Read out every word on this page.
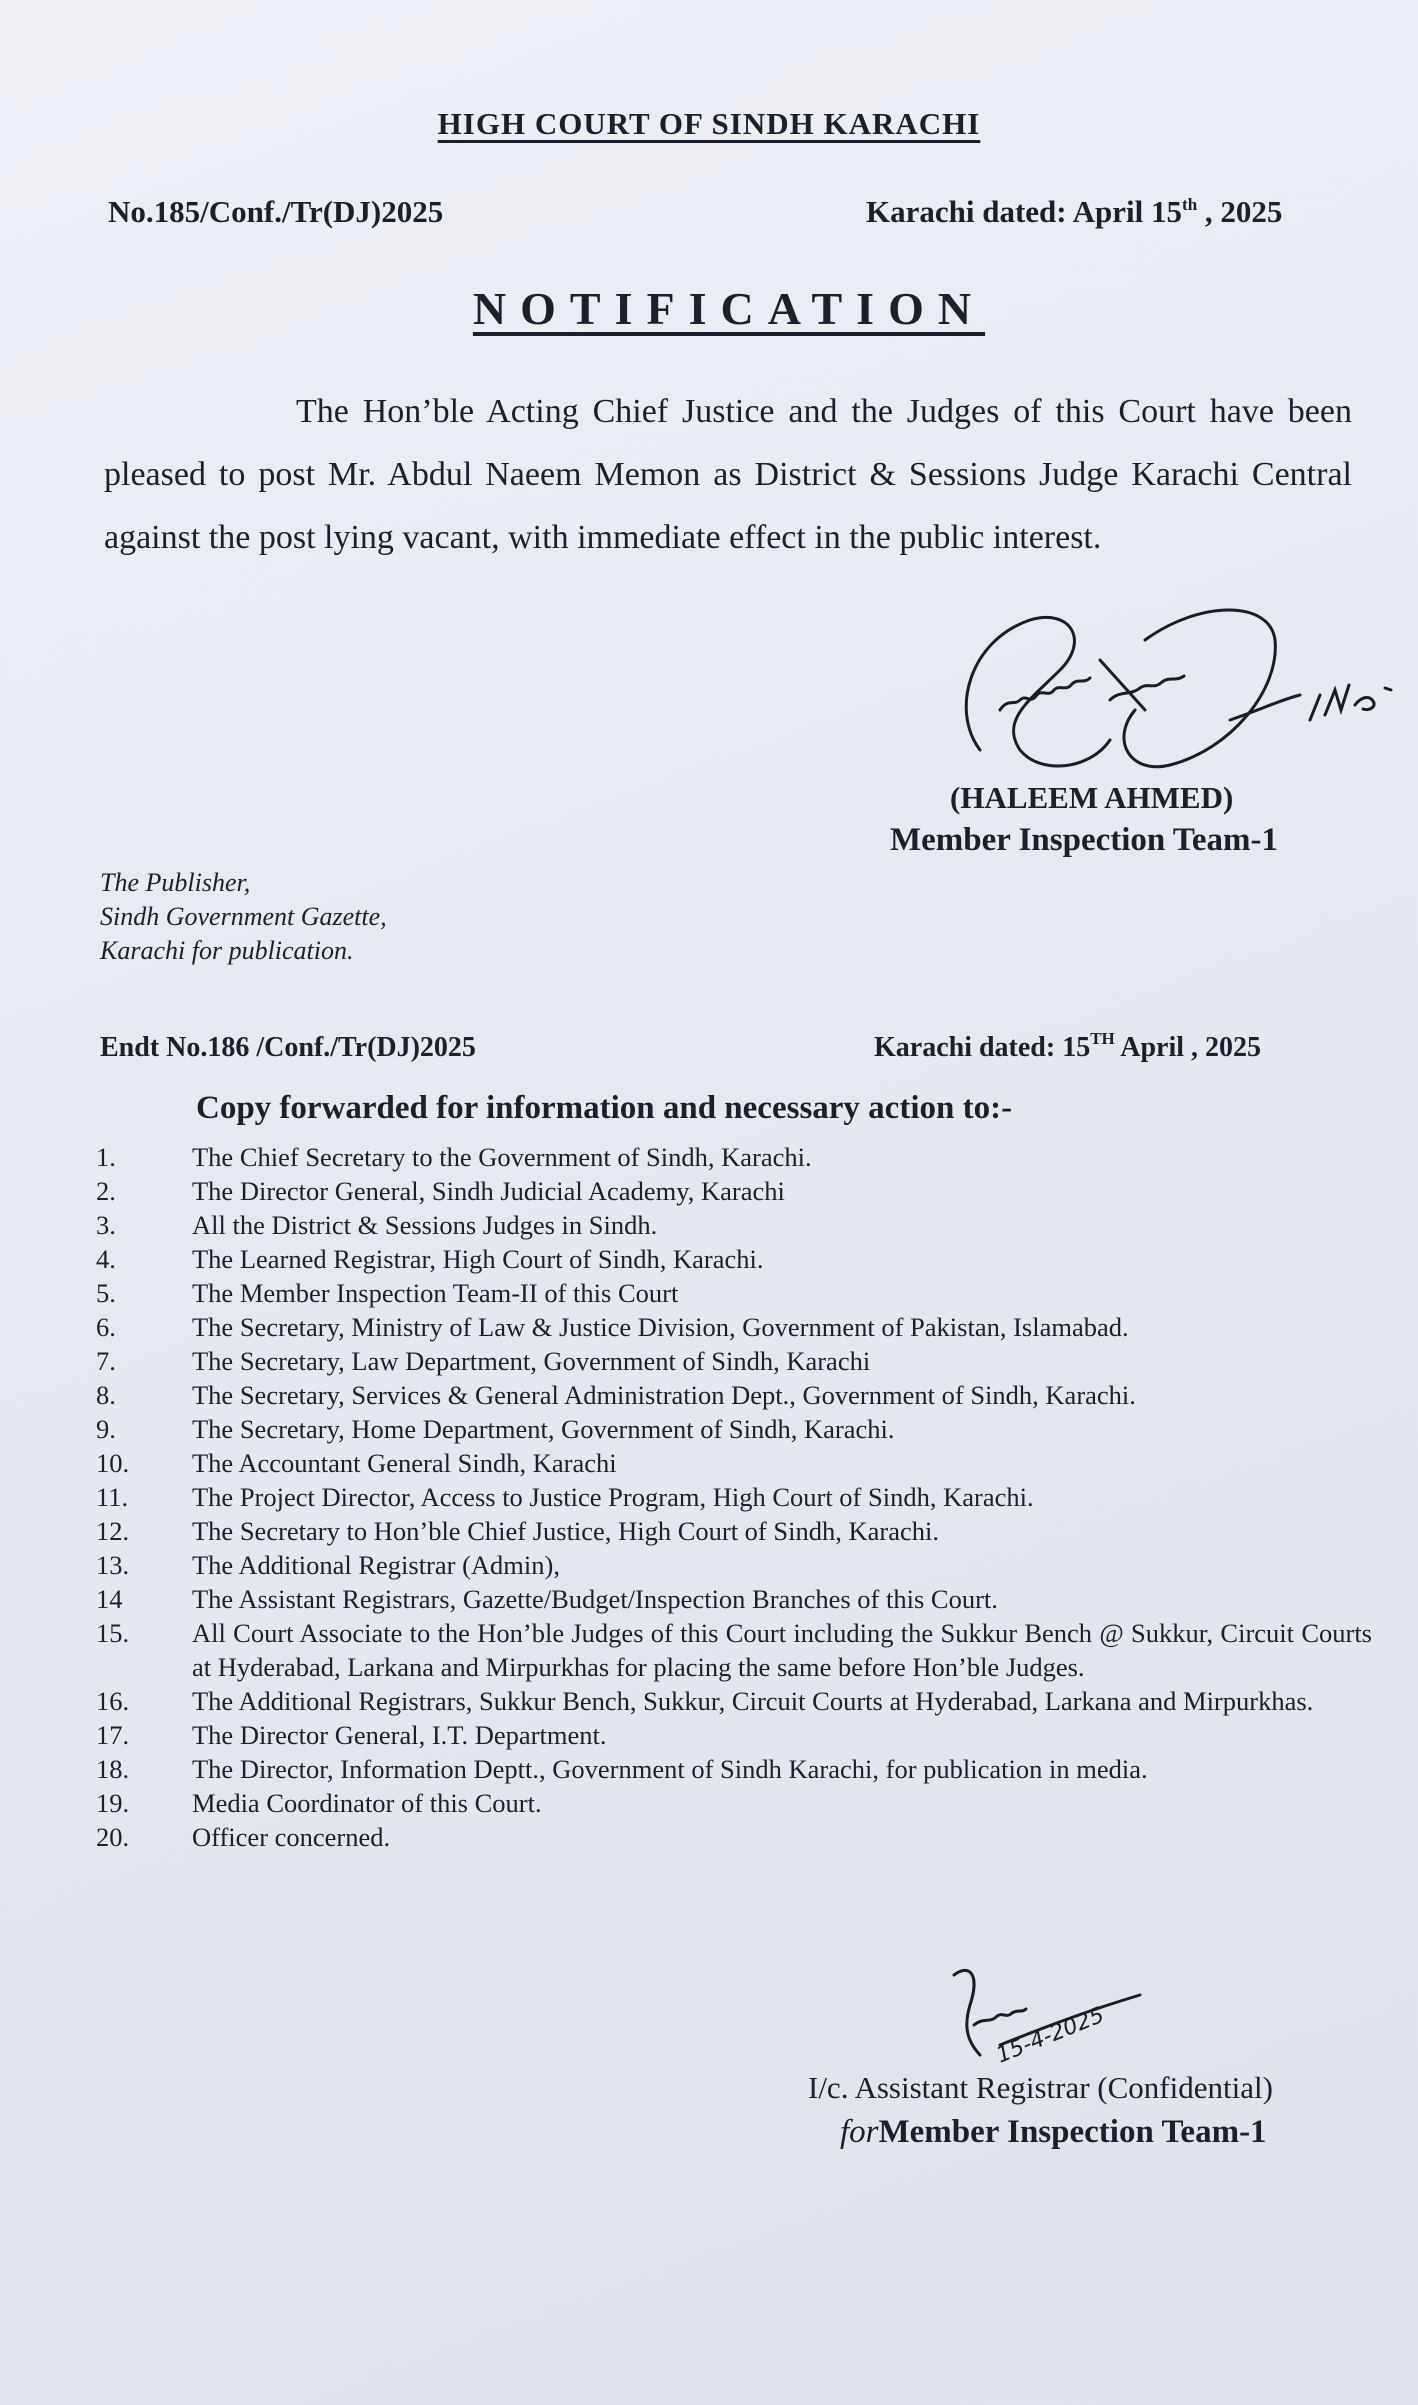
HIGH COURT OF SINDH KARACHI
No.185/Conf./Tr(DJ)2025	Karachi dated: April 15th , 2025
NOTIFICATION

The Hon’ble Acting Chief Justice and the Judges of this Court have been pleased to post Mr. Abdul Naeem Memon as District & Sessions Judge Karachi Central against the post lying vacant, with immediate effect in the public interest.

(HALEEM AHMED)
Member Inspection Team-1
The Publisher,
Sindh Government Gazette,
Karachi for publication.
Endt No.186 /Conf./Tr(DJ)2025	Karachi dated: 15TH April , 2025
Copy forwarded for information and necessary action to:-
1.	The Chief Secretary to the Government of Sindh, Karachi.
2.	The Director General, Sindh Judicial Academy, Karachi
3.	All the District & Sessions Judges in Sindh.
4.	The Learned Registrar, High Court of Sindh, Karachi.
5.	The Member Inspection Team-II of this Court
6.	The Secretary, Ministry of Law & Justice Division, Government of Pakistan, Islamabad.
7.	The Secretary, Law Department, Government of Sindh, Karachi
8.	The Secretary, Services & General Administration Dept., Government of Sindh, Karachi.
9.	The Secretary, Home Department, Government of Sindh, Karachi.
10.	The Accountant General Sindh, Karachi
11.	The Project Director, Access to Justice Program, High Court of Sindh, Karachi.
12.	The Secretary to Hon’ble Chief Justice, High Court of Sindh, Karachi.
13.	The Additional Registrar (Admin),
14	The Assistant Registrars, Gazette/Budget/Inspection Branches of this Court.
15.	All Court Associate to the Hon’ble Judges of this Court including the Sukkur Bench @ Sukkur, Circuit Courts at Hyderabad, Larkana and Mirpurkhas for placing the same before Hon’ble Judges.
16.	The Additional Registrars, Sukkur Bench, Sukkur, Circuit Courts at Hyderabad, Larkana and Mirpurkhas.
17.	The Director General, I.T. Department.
18.	The Director, Information Deptt., Government of Sindh Karachi, for publication in media.
19.	Media Coordinator of this Court.
20.	Officer concerned.
15-4-2025
I/c. Assistant Registrar (Confidential)
forMember Inspection Team-1
